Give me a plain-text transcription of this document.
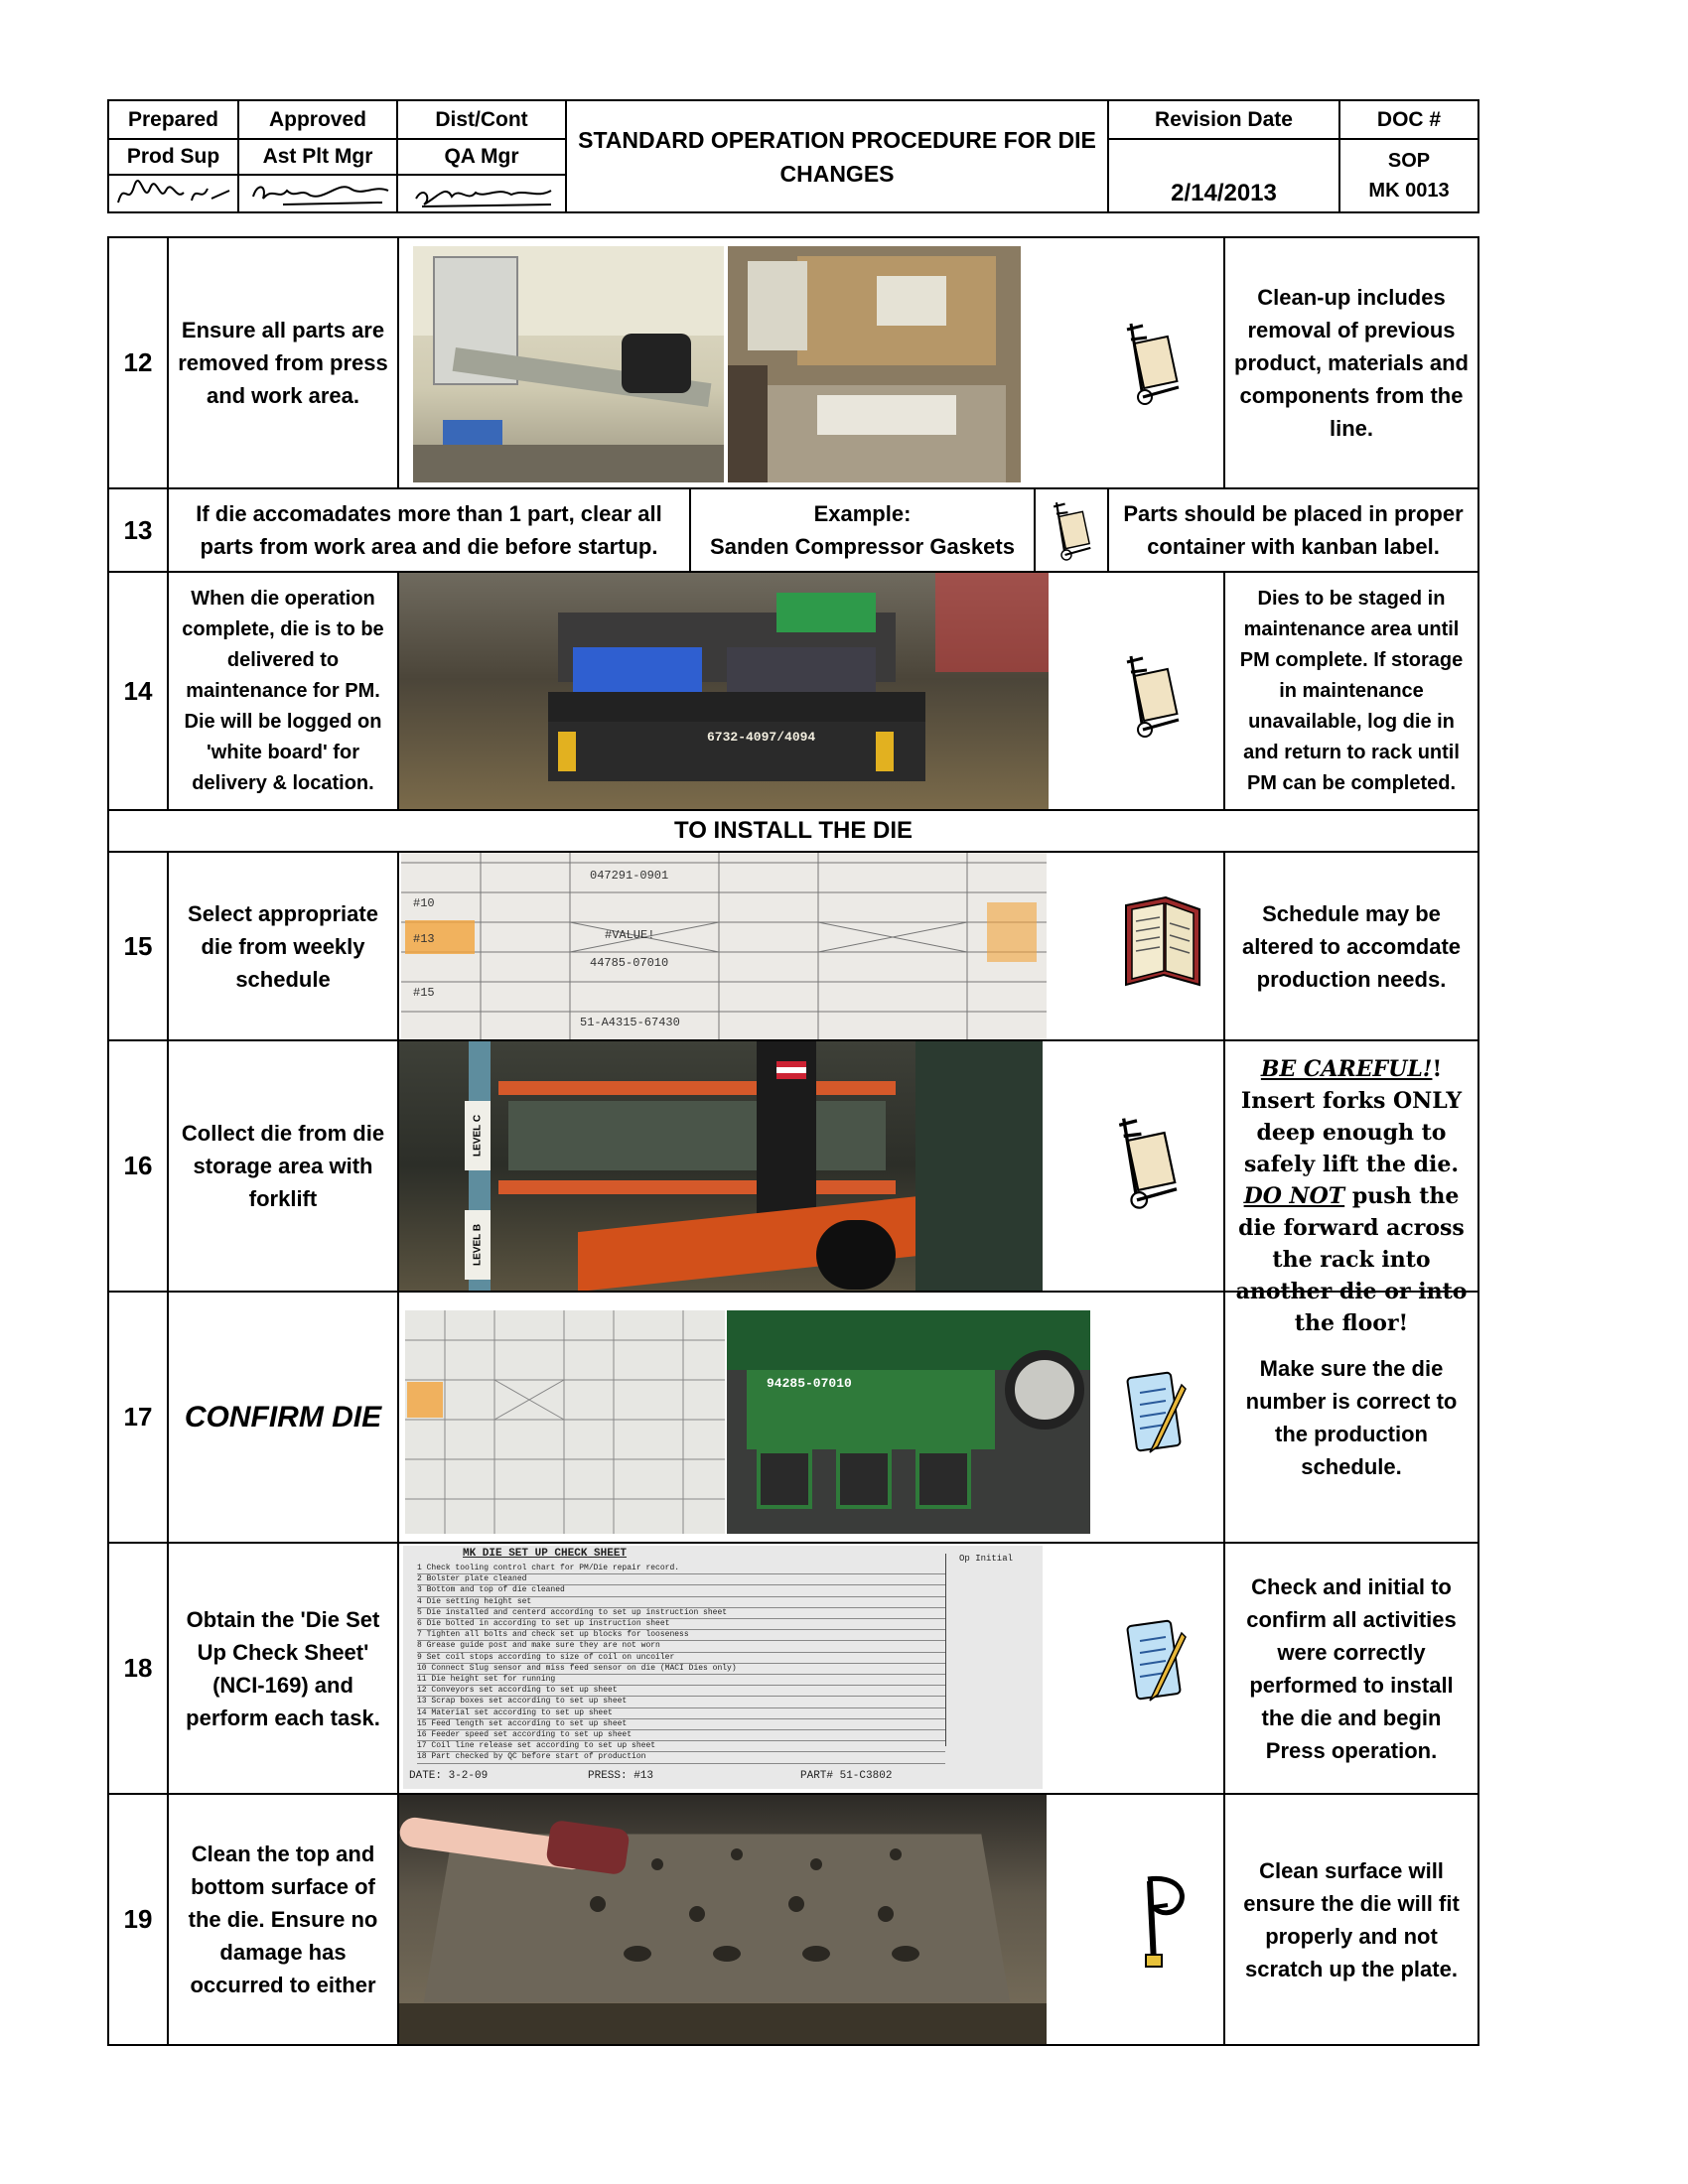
Prepared	Approved	Dist/Cont
Prod Sup	Ast Plt Mgr	QA Mgr
STANDARD OPERATION PROCEDURE FOR DIE CHANGES
Revision Date
2/14/2013
DOC #
SOP
MK 0013
12
Ensure all parts are removed from press and work area.
Clean-up includes removal of previous product, materials and components from the line.
13
If die accomadates more than 1 part, clear all parts from work area and die before startup.
Example:
Sanden Compressor Gaskets
Parts should be placed in proper container with kanban label.
14
When die operation complete, die is to be delivered to maintenance for PM. Die will be logged on 'white board' for delivery & location.
6732-4097/4094
Dies to be staged in maintenance area until PM complete. If storage in maintenance unavailable, log die in and return to rack until PM can be completed.
TO INSTALL THE DIE
15
Select appropriate die from weekly schedule
#10
#13
#15
047291-0901
#VALUE!
44785-07010
51-A4315-67430
Schedule may be altered to accomdate production needs.
16
Collect die from die storage area with forklift
LEVEL C
LEVEL B
BE CAREFUL!! Insert forks ONLY deep enough to safely lift the die. DO NOT push the die forward across the rack into another die or into the floor!
17	CONFIRM DIE
94285-07010
Make sure the die number is correct to the production schedule.
18
Obtain the 'Die Set Up Check Sheet' (NCI-169) and perform each task.
MK DIE SET UP CHECK SHEET	Op Initial
1 Check tooling control chart for PM/Die repair record.
2 Bolster plate cleaned
3 Bottom and top of die cleaned
4 Die setting height set
5 Die installed and centerd according to set up instruction sheet
6 Die bolted in according to set up instruction sheet
7 Tighten all bolts and check set up blocks for looseness
8 Grease guide post and make sure they are not worn
9 Set coil stops according to size of coil on uncoiler
10 Connect Slug sensor and miss feed sensor on die (MACI Dies only)
11 Die height set for running
12 Conveyors set according to set up sheet
13 Scrap boxes set according to set up sheet
14 Material set according to set up sheet
15 Feed length set according to set up sheet
16 Feeder speed set according to set up sheet
17 Coil line release set according to set up sheet
18 Part checked by QC before start of production
DATE: 3-2-09	PRESS: #13	PART# 51-C3802
Check and initial to confirm all activities were correctly performed to install the die and begin Press operation.
19
Clean the top and bottom surface of the die. Ensure no damage has occurred to either
Clean surface will ensure the die will fit properly and not scratch up the plate.
